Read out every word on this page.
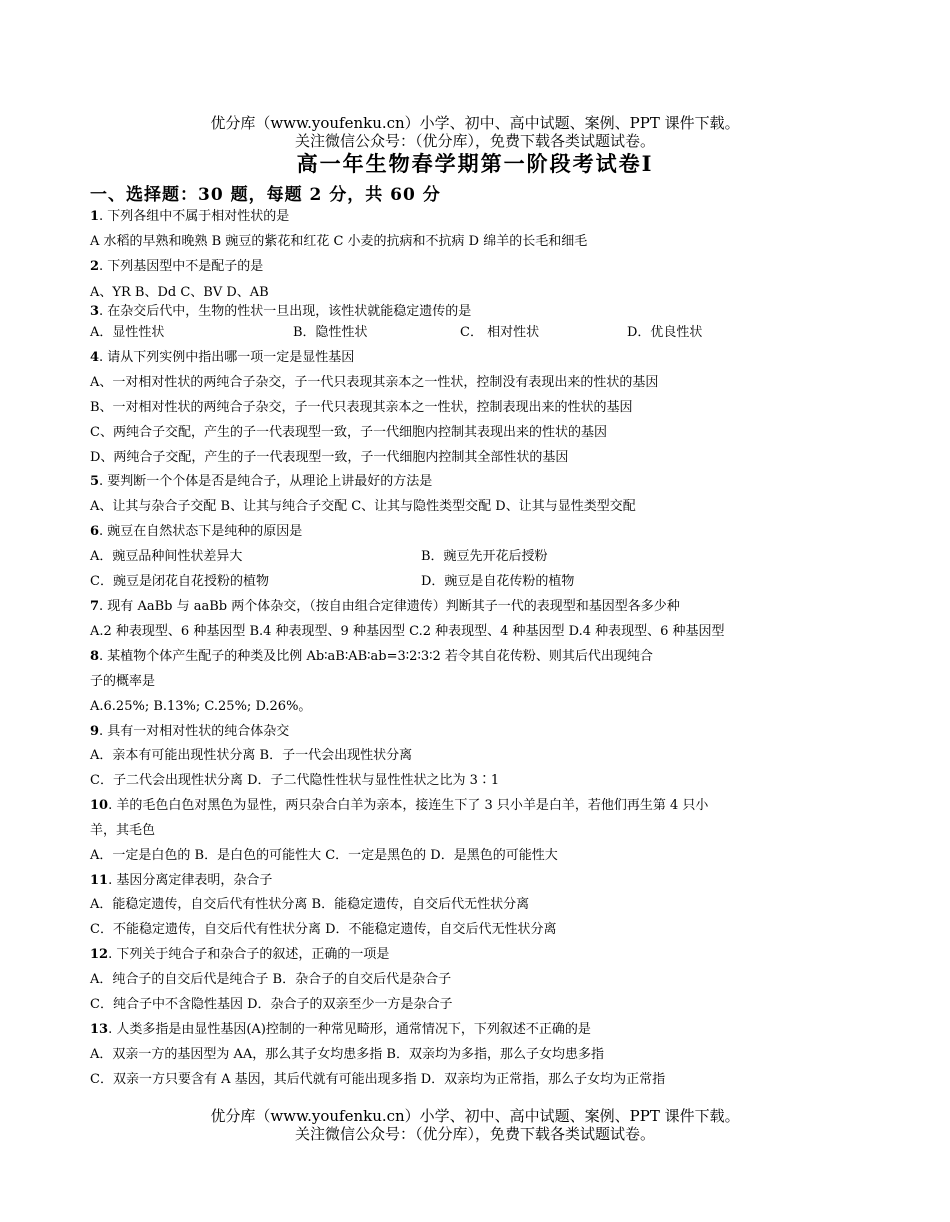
优分库（www.youfenku.cn）小学、初中、高中试题、案例、PPT 课件下载。
关注微信公众号：（优分库），免费下载各类试题试卷。
高一年生物春学期第一阶段考试卷Ⅰ
一、选择题：30 题，每题 2 分，共 60 分
1. 下列各组中不属于相对性状的是
A 水稻的早熟和晚熟 B 豌豆的紫花和红花 C 小麦的抗病和不抗病 D 绵羊的长毛和细毛
2. 下列基因型中不是配子的是
A、YR B、Dd C、BV D、AB
3. 在杂交后代中，生物的性状一旦出现，该性状就能稳定遗传的是
A．显性性状	B．隐性性状	C． 相对性状	D．优良性状
4. 请从下列实例中指出哪一项一定是显性基因
A、一对相对性状的两纯合子杂交，子一代只表现其亲本之一性状，控制没有表现出来的性状的基因
B、一对相对性状的两纯合子杂交，子一代只表现其亲本之一性状，控制表现出来的性状的基因
C、两纯合子交配，产生的子一代表现型一致，子一代细胞内控制其表现出来的性状的基因
D、两纯合子交配，产生的子一代表现型一致，子一代细胞内控制其全部性状的基因
5. 要判断一个个体是否是纯合子，从理论上讲最好的方法是
A、让其与杂合子交配 B、让其与纯合子交配 C、让其与隐性类型交配 D、让其与显性类型交配
6. 豌豆在自然状态下是纯种的原因是
A．豌豆品种间性状差异大	B．豌豆先开花后授粉
C．豌豆是闭花自花授粉的植物	D．豌豆是自花传粉的植物
7. 现有 AaBb 与 aaBb 两个体杂交，（按自由组合定律遗传）判断其子一代的表现型和基因型各多少种
A.2 种表现型、6 种基因型 B.4 种表现型、9 种基因型 C.2 种表现型、4 种基因型 D.4 种表现型、6 种基因型
8. 某植物个体产生配子的种类及比例 Ab∶aB∶AB∶ab=3∶2∶3∶2 若令其自花传粉、则其后代出现纯合
子的概率是
A.6.25%; B.13%; C.25%; D.26%。
9. 具有一对相对性状的纯合体杂交
A．亲本有可能出现性状分离 B．子一代会出现性状分离
C．子二代会出现性状分离 D．子二代隐性性状与显性性状之比为 3∶1
10. 羊的毛色白色对黑色为显性，两只杂合白羊为亲本，接连生下了 3 只小羊是白羊，若他们再生第 4 只小
羊，其毛色
A．一定是白色的 B．是白色的可能性大 C．一定是黑色的 D．是黑色的可能性大
11. 基因分离定律表明，杂合子
A．能稳定遗传，自交后代有性状分离 B．能稳定遗传，自交后代无性状分离
C．不能稳定遗传，自交后代有性状分离 D．不能稳定遗传，自交后代无性状分离
12. 下列关于纯合子和杂合子的叙述，正确的一项是
A．纯合子的自交后代是纯合子 B．杂合子的自交后代是杂合子
C．纯合子中不含隐性基因 D．杂合子的双亲至少一方是杂合子
13. 人类多指是由显性基因(A)控制的一种常见畸形，通常情况下，下列叙述不正确的是
A．双亲一方的基因型为 AA，那么其子女均患多指 B．双亲均为多指，那么子女均患多指
C．双亲一方只要含有 A 基因，其后代就有可能出现多指 D．双亲均为正常指，那么子女均为正常指
优分库（www.youfenku.cn）小学、初中、高中试题、案例、PPT 课件下载。
关注微信公众号：（优分库），免费下载各类试题试卷。
